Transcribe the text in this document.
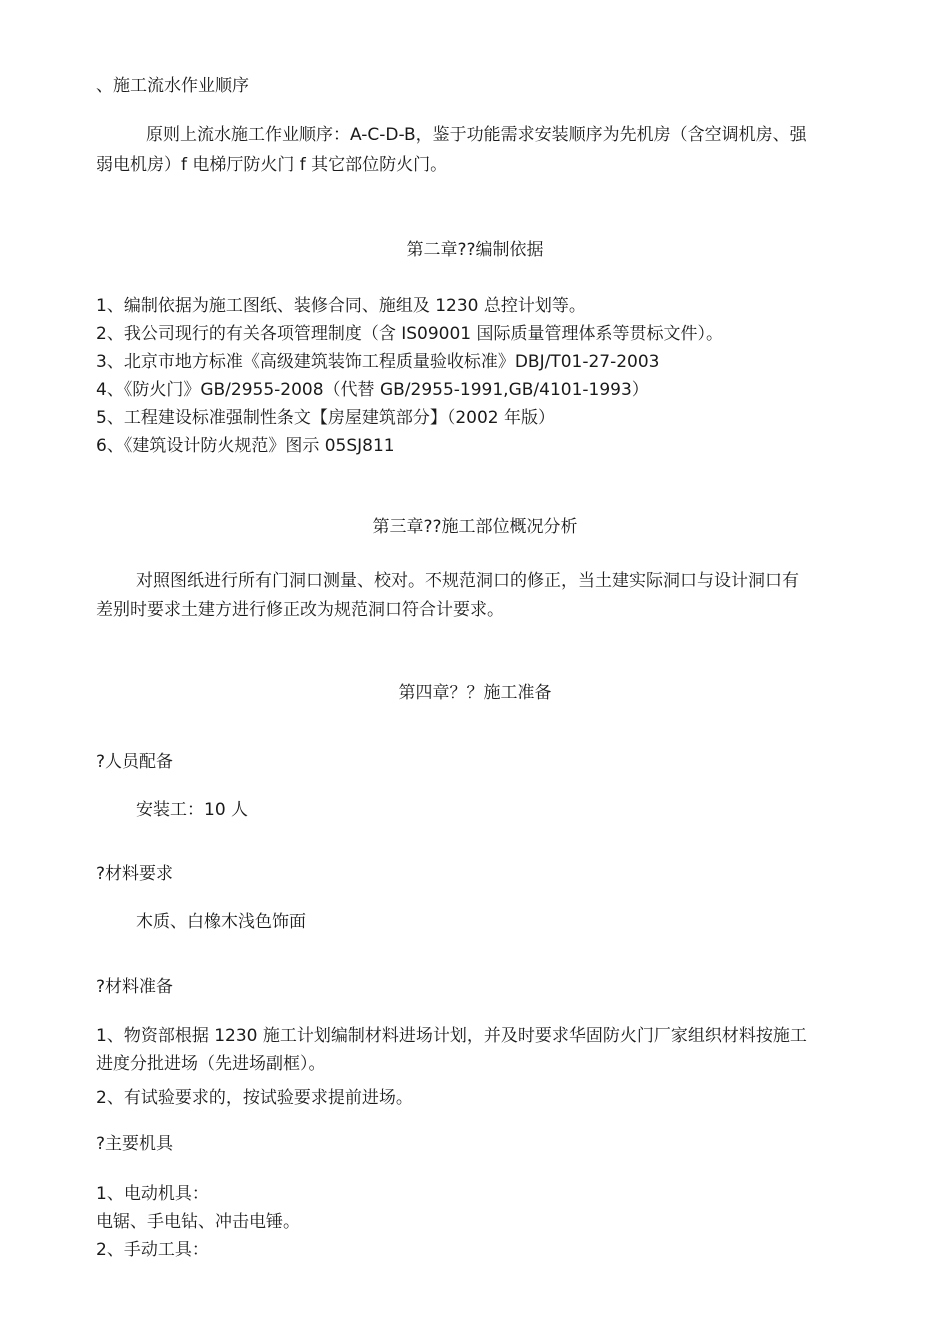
、施工流水作业顺序
原则上流水施工作业顺序：A-C-D-B，鉴于功能需求安装顺序为先机房（含空调机房、强
弱电机房）f 电梯厅防火门 f 其它部位防火门。
第二章??编制依据
1、编制依据为施工图纸、装修合同、施组及 1230 总控计划等。
2、我公司现行的有关各项管理制度（含 IS09001 国际质量管理体系等贯标文件）。
3、北京市地方标准《高级建筑装饰工程质量验收标准》DBJ/T01-27-2003
4、《防火门》GB/2955-2008（代替 GB/2955-1991,GB/4101-1993）
5、工程建设标准强制性条文【房屋建筑部分】（2002 年版）
6、《建筑设计防火规范》图示 05SJ811
第三章??施工部位概况分析
对照图纸进行所有门洞口测量、校对。不规范洞口的修正，当土建实际洞口与设计洞口有
差别时要求土建方进行修正改为规范洞口符合计要求。
第四章？？施工准备
?人员配备
安装工：10 人
?材料要求
木质、白橡木浅色饰面
?材料准备
1、物资部根据 1230 施工计划编制材料进场计划，并及时要求华固防火门厂家组织材料按施工
进度分批进场（先进场副框）。
2、有试验要求的，按试验要求提前进场。
?主要机具
1、电动机具：
电锯、手电钻、冲击电锤。
2、手动工具：
